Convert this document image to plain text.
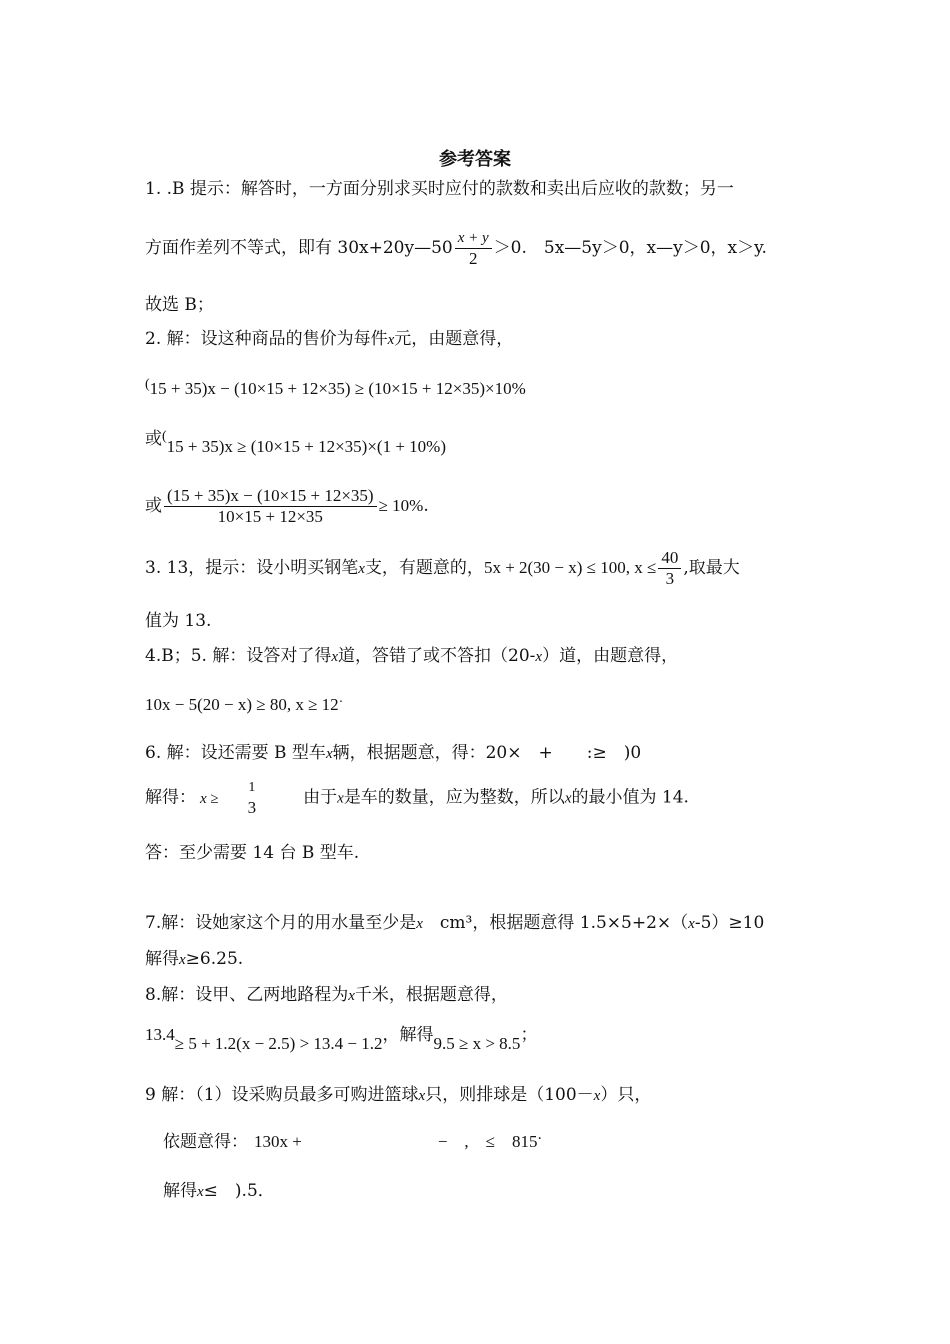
参考答案
1. .B 提示：解答时，一方面分别求买时应付的款数和卖出后应收的款数；另一
方面作差列不等式，即有 30x+20y—50 $\frac{x + y}{2} >0$.　5x—5y＞0，x—y＞0，x＞y.
故选 B；
2. 解：设这种商品的售价为每件x元，由题意得，
(15 + 35)x − (10×15 + 12×35) ≥ (10×15 + 12×35)×10%
或(15 + 35)x ≥ (10×15 + 12×35)×(1 + 10%)
或 $\frac{(15 + 35)x - (10\times 15 + 12\times 35)}{10\times 15 + 12\times 35} \ge 10\%$.
3. 13，提示：设小明买钢笔x支，有题意的，5x + 2(30 − x) ≤ 100, $x \le \frac{40}{3}$ ,取最大
值为 13.
4.B；5. 解：设答对了得x道，答错了或不答扣（20-x）道，由题意得，
10x − 5(20 − x) ≥ 80, x ≥ 12·
6. 解：设还需要 B 型车x辆，根据题意，得：20×　+　　:≥　)0
解得： x ≥
1
3	由于x是车的数量，应为整数，所以x的最小值为 14.
答：至少需要 14 台 B 型车.
7.解：设她家这个月的用水量至少是x　cm³，根据题意得 1.5×5+2×（x-5）≥10
解得x≥6.25.
8.解：设甲、乙两地路程为x千米，根据题意得，
13.4≥ 5 + 1.2(x − 2.5) > 13.4 − 1.2，解得9.5 ≥ x > 8.5；
9 解：（1）设采购员最多可购进篮球x只，则排球是（100－x）只，
依题意得： 130x +　　　　　　　　−　,　≤　815·
解得x≤　).5．
